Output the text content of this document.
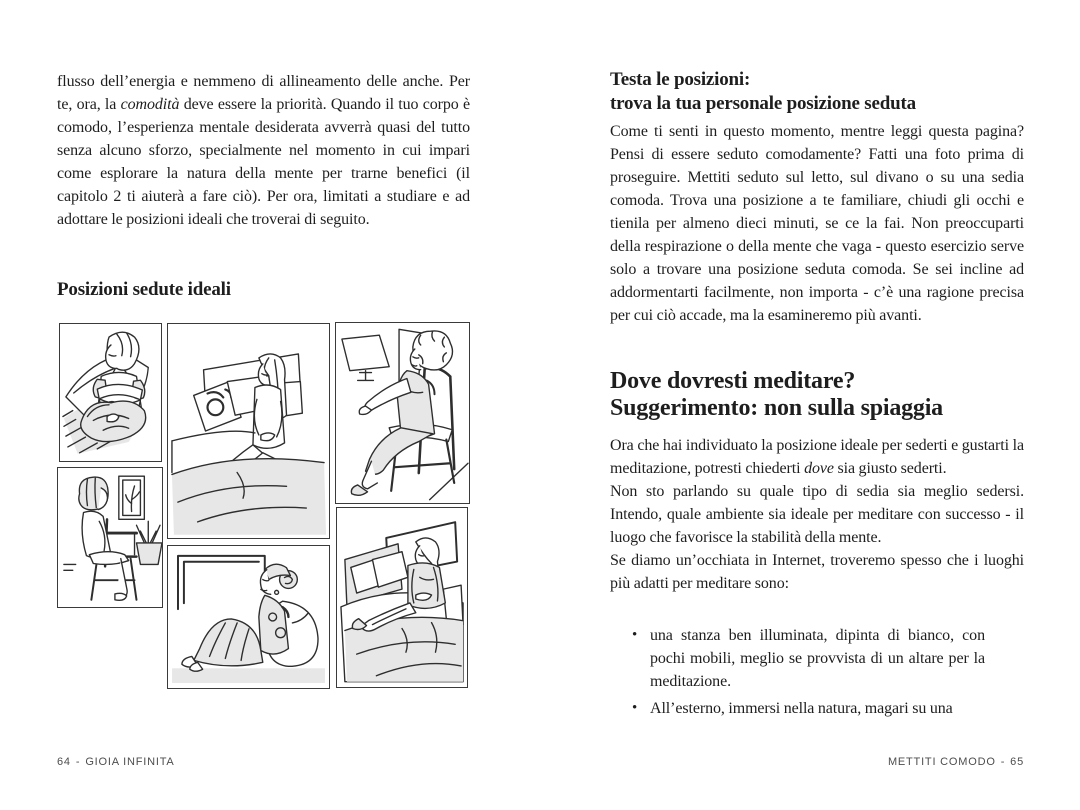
flusso dell’energia e nemmeno di allineamento delle anche. Per te, ora, la comodità deve essere la priorità. Quando il tuo corpo è comodo, l’esperienza mentale desiderata avverrà quasi del tutto senza alcuno sforzo, specialmente nel momento in cui impari come esplorare la natura della mente per trarne benefici (il capitolo 2 ti aiuterà a fare ciò). Per ora, limitati a studiare e ad adottare le posizioni ideali che troverai di seguito.

Posizioni sedute ideali
64 - GIOIA INFINITA
Testa le posizioni:
trova la tua personale posizione seduta

Come ti senti in questo momento, mentre leggi questa pagina? Pensi di essere seduto comodamente? Fatti una foto prima di proseguire. Mettiti seduto sul letto, sul divano o su una sedia comoda. Trova una posizione a te familiare, chiudi gli occhi e tienila per almeno dieci minuti, se ce la fai. Non preoccuparti della respirazione o della mente che vaga - questo esercizio serve solo a trovare una posizione seduta comoda. Se sei incline ad addormentarti facilmente, non importa - c’è una ragione precisa per cui ciò accade, ma la esamineremo più avanti.

Dove dovresti meditare?
Suggerimento: non sulla spiaggia

Ora che hai individuato la posizione ideale per sederti e gustarti la meditazione, potresti chiederti dove sia giusto sederti.

Non sto parlando su quale tipo di sedia sia meglio sedersi. Intendo, quale ambiente sia ideale per meditare con successo - il luogo che favorisce la stabilità della mente.

Se diamo un’occhiata in Internet, troveremo spesso che i luoghi più adatti per meditare sono:

• una stanza ben illuminata, dipinta di bianco, con pochi mobili, meglio se provvista di un altare per la meditazione.
• All’esterno, immersi nella natura, magari su una
METTITI COMODO - 65
